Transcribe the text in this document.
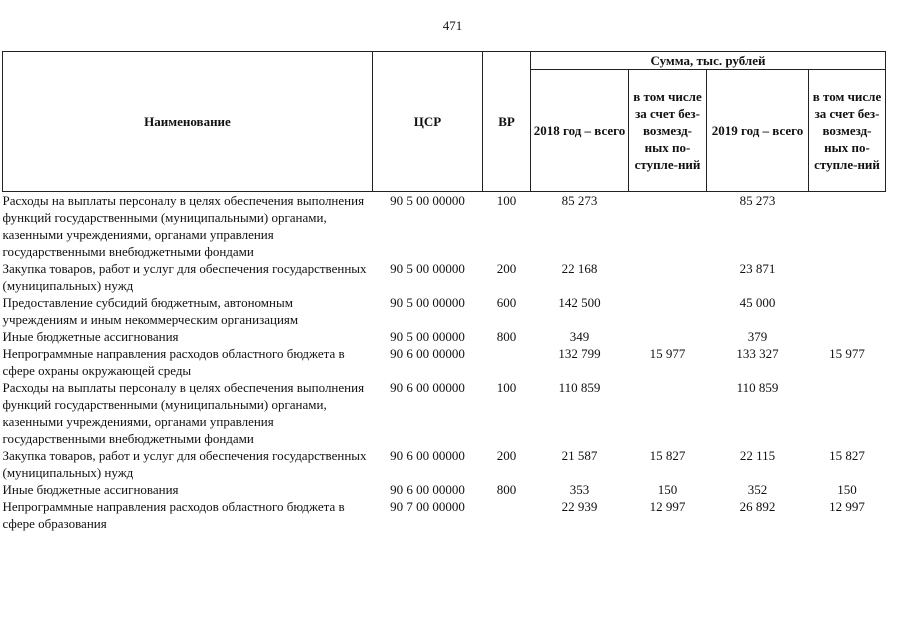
471
Наименование	ЦСР	ВР	Сумма, тыс. рублей			
			2018 год – всего	в том числе за счет без-возмезд-ных по-ступле-ний	2019 год – всего	в том числе за счет без-возмезд-ных по-ступле-ний
Расходы на выплаты персоналу в целях обеспечения выполнения функций государственными (муниципальными) органами, казенными учреждениями, органами управления государственными внебюджетными фондами	90 5 00 00000	100	85 273		85 273	
Закупка товаров, работ и услуг для обеспечения государственных (муниципальных) нужд	90 5 00 00000	200	22 168		23 871	
Предоставление субсидий бюджетным, автономным учреждениям и иным некоммерческим организациям	90 5 00 00000	600	142 500		45 000	
Иные бюджетные ассигнования	90 5 00 00000	800	349		379	
Непрограммные направления расходов областного бюджета в сфере охраны окружающей среды	90 6 00 00000		132 799	15 977	133 327	15 977
Расходы на выплаты персоналу в целях обеспечения выполнения функций государственными (муниципальными) органами, казенными учреждениями, органами управления государственными внебюджетными фондами	90 6 00 00000	100	110 859		110 859	
Закупка товаров, работ и услуг для обеспечения государственных (муниципальных) нужд	90 6 00 00000	200	21 587	15 827	22 115	15 827
Иные бюджетные ассигнования	90 6 00 00000	800	353	150	352	150
Непрограммные направления расходов областного бюджета в сфере образования	90 7 00 00000		22 939	12 997	26 892	12 997
